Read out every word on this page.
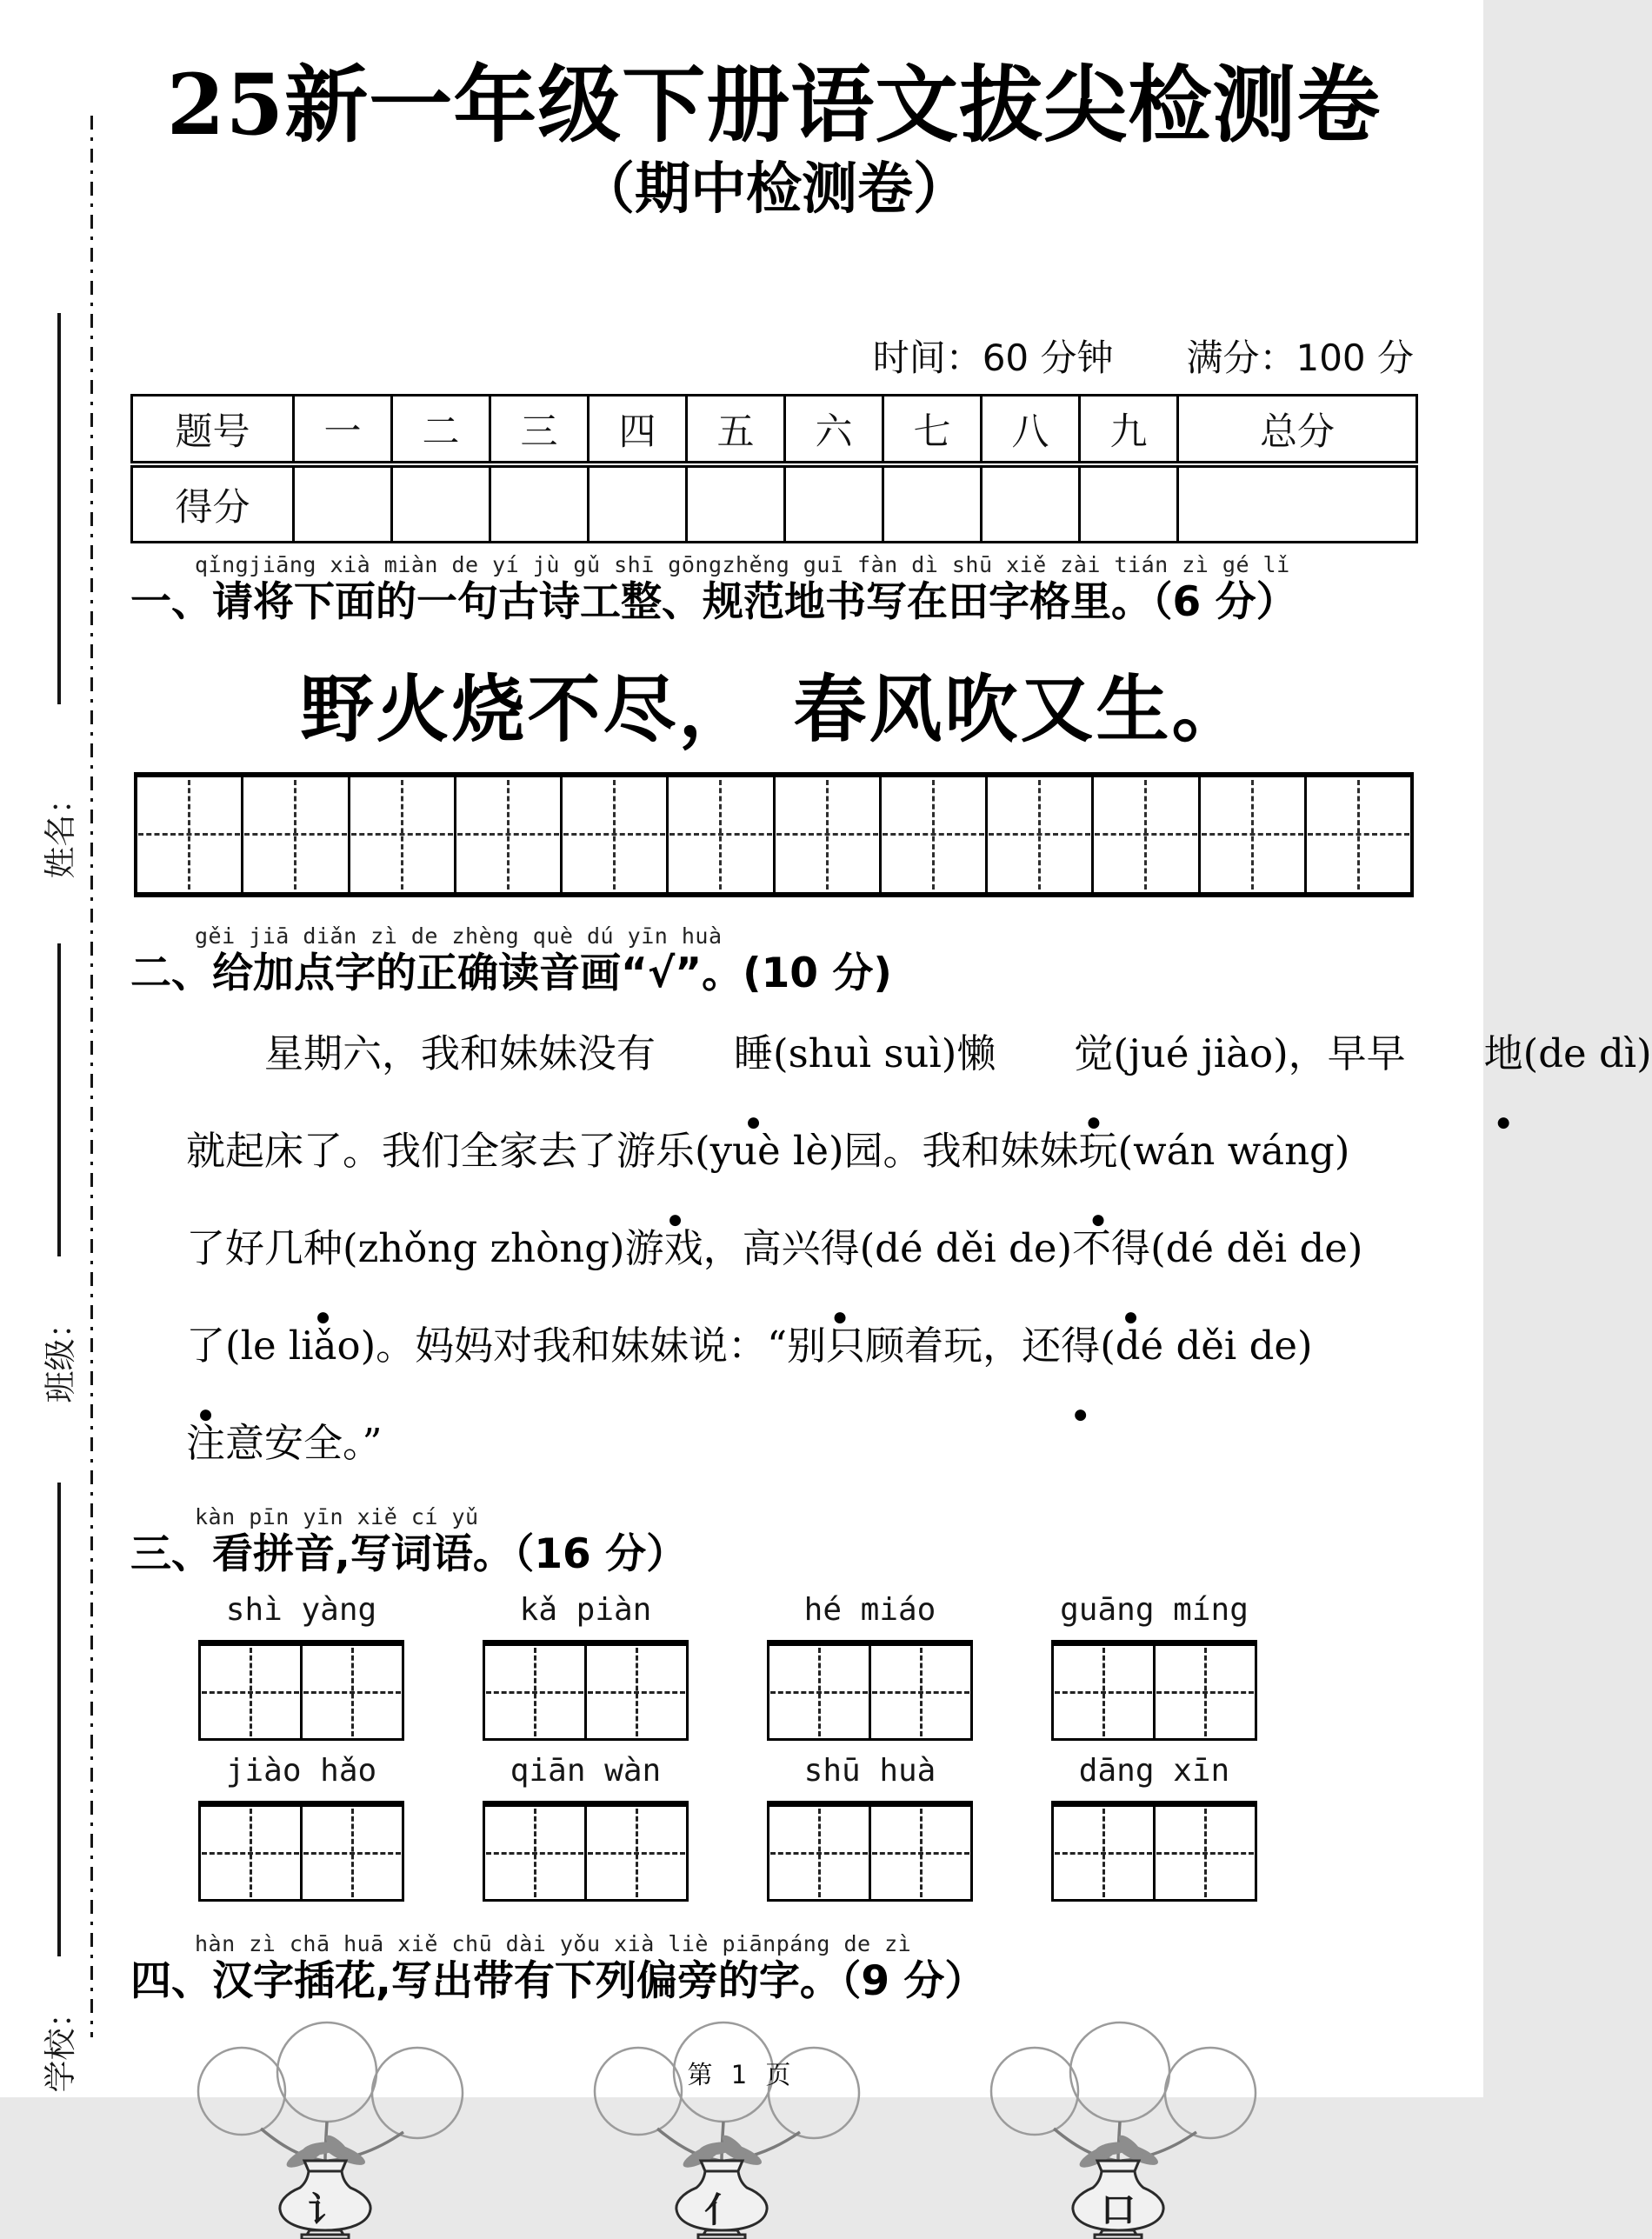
姓名：
班级：
学校：
25新一年级下册语文拔尖检测卷
（期中检测卷）
时间：60 分钟　　满分：100 分
题号	一	二	三	四	五	六	七	八	九	总分
得分										
qǐngjiāng xià miàn de yí jù gǔ shī gōngzhěng guī fàn dì shū xiě zài tián zì gé lǐ
一、请将下面的一句古诗工整、规范地书写在田字格里。（6 分）
野火烧不尽，　春风吹又生。
gěi jiā diǎn zì de zhèng què dú yīn huà
二、给加点字的正确读音画“√”。(10 分)
星期六，我和妹妹没有 睡 ●(shuì suì)懒 觉 ●(jué jiào)，早早 地 ●(de dì)
就起床了。我们全家去了游乐 ●(yuè lè)园。我和妹妹玩 ●(wán wáng)
了好几种 ●(zhǒng zhòng)游戏，高兴得 ●(dé děi de)不得 ●(dé děi de)
了 ●(le liǎo)。妈妈对我和妹妹说：“别只顾着玩，还得 ●(dé děi de)
注意安全。”
kàn pīn yīn xiě cí yǔ
三、看拼音,写词语。（16 分）
shì yàng	kǎ piàn	hé miáo	guāng míng
jiào hǎo	qiān wàn	shū huà	dāng xīn
hàn zì chā huā xiě chū dài yǒu xià liè piānpáng de zì
四、汉字插花,写出带有下列偏旁的字。（9 分）
讠	亻	口
第 1 页
